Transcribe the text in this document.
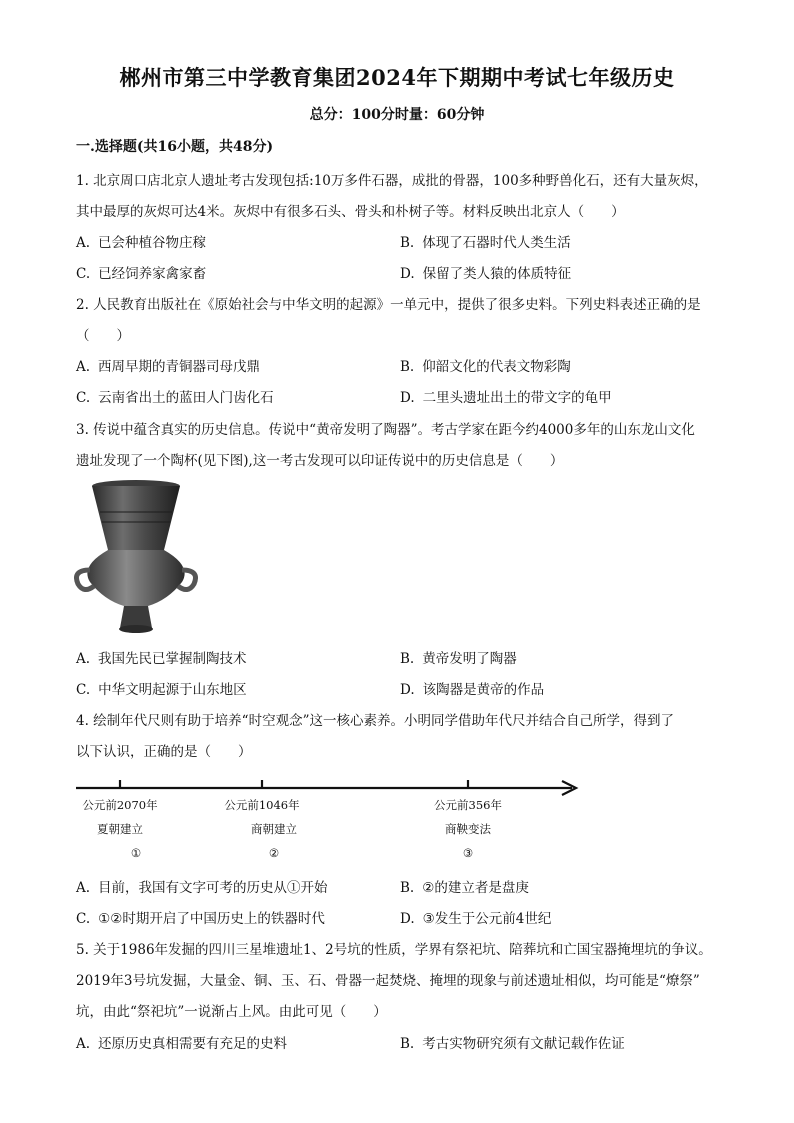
郴州市第三中学教育集团2024年下期期中考试七年级历史
总分：100分时量：60分钟
一.选择题(共16小题，共48分)
1. 北京周口店北京人遗址考古发现包括:10万多件石器，成批的骨器，100多种野兽化石，还有大量灰烬，
其中最厚的灰烬可达4米。灰烬中有很多石头、骨头和朴树子等。材料反映出北京人（　　）
A. 已会种植谷物庄稼	B. 体现了石器时代人类生活
C. 已经饲养家禽家畜	D. 保留了类人猿的体质特征
2. 人民教育出版社在《原始社会与中华文明的起源》一单元中，提供了很多史料。下列史料表述正确的是
（　　）
A. 西周早期的青铜器司母戊鼎	B. 仰韶文化的代表文物彩陶
C. 云南省出土的蓝田人门齿化石	D. 二里头遗址出土的带文字的龟甲
3. 传说中蕴含真实的历史信息。传说中“黄帝发明了陶器”。考古学家在距今约4000多年的山东龙山文化
遗址发现了一个陶杯(见下图),这一考古发现可以印证传说中的历史信息是（　　）
A. 我国先民已掌握制陶技术	B. 黄帝发明了陶器
C. 中华文明起源于山东地区	D. 该陶器是黄帝的作品
4. 绘制年代尺则有助于培养“时空观念”这一核心素养。小明同学借助年代尺并结合自己所学，得到了
以下认识，正确的是（　　）
公元前2070年
夏朝建立
①
公元前1046年
商朝建立
②
公元前356年
商鞅变法
③
A. 目前，我国有文字可考的历史从①开始	B. ②的建立者是盘庚
C. ①②时期开启了中国历史上的铁器时代	D. ③发生于公元前4世纪
5. 关于1986年发掘的四川三星堆遗址1、2号坑的性质，学界有祭祀坑、陪葬坑和亡国宝器掩埋坑的争议。
2019年3号坑发掘，大量金、铜、玉、石、骨器一起焚烧、掩埋的现象与前述遗址相似，均可能是“燎祭”
坑，由此“祭祀坑”一说渐占上风。由此可见（　　）
A. 还原历史真相需要有充足的史料	B. 考古实物研究须有文献记载作佐证
